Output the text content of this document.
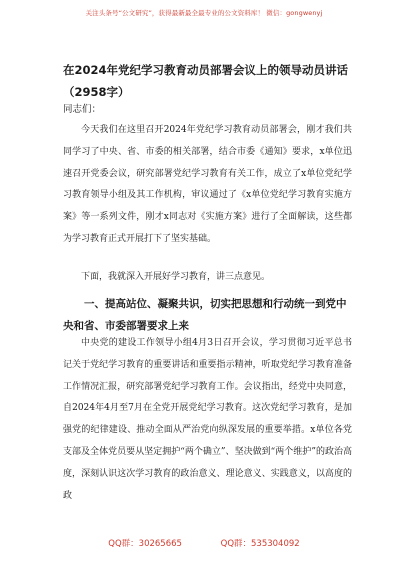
关注头条号“公文研究”，获得最新最全最专业的公文资料库！ 微信：gongwenyj
在2024年党纪学习教育动员部署会议上的领导动员讲话（2958字）

同志们：

今天我们在这里召开2024年党纪学习教育动员部署会，刚才我们共同学习了中央、省、市委的相关部署，结合市委《通知》要求，x单位迅速召开党委会议，研究部署党纪学习教育有关工作，成立了x单位党纪学习教育领导小组及其工作机构，审议通过了《x单位党纪学习教育实施方案》等一系列文件，刚才x同志对《实施方案》进行了全面解读，这些都为学习教育正式开展打下了坚实基础。

下面，我就深入开展好学习教育，讲三点意见。

一、提高站位、凝聚共识，切实把思想和行动统一到党中央和省、市委部署要求上来

中央党的建设工作领导小组4月3日召开会议，学习贯彻习近平总书记关于党纪学习教育的重要讲话和重要指示精神，听取党纪学习教育准备工作情况汇报，研究部署党纪学习教育工作。会议指出，经党中央同意，自2024年4月至7月在全党开展党纪学习教育。这次党纪学习教育，是加强党的纪律建设、推动全面从严治党向纵深发展的重要举措。x单位各党支部及全体党员要从坚定拥护“两个确立”、坚决做到“两个维护”的政治高度，深刻认识这次学习教育的政治意义、理论意义、实践意义，以高度的政

QQ群：30265665	QQ群：535304092
